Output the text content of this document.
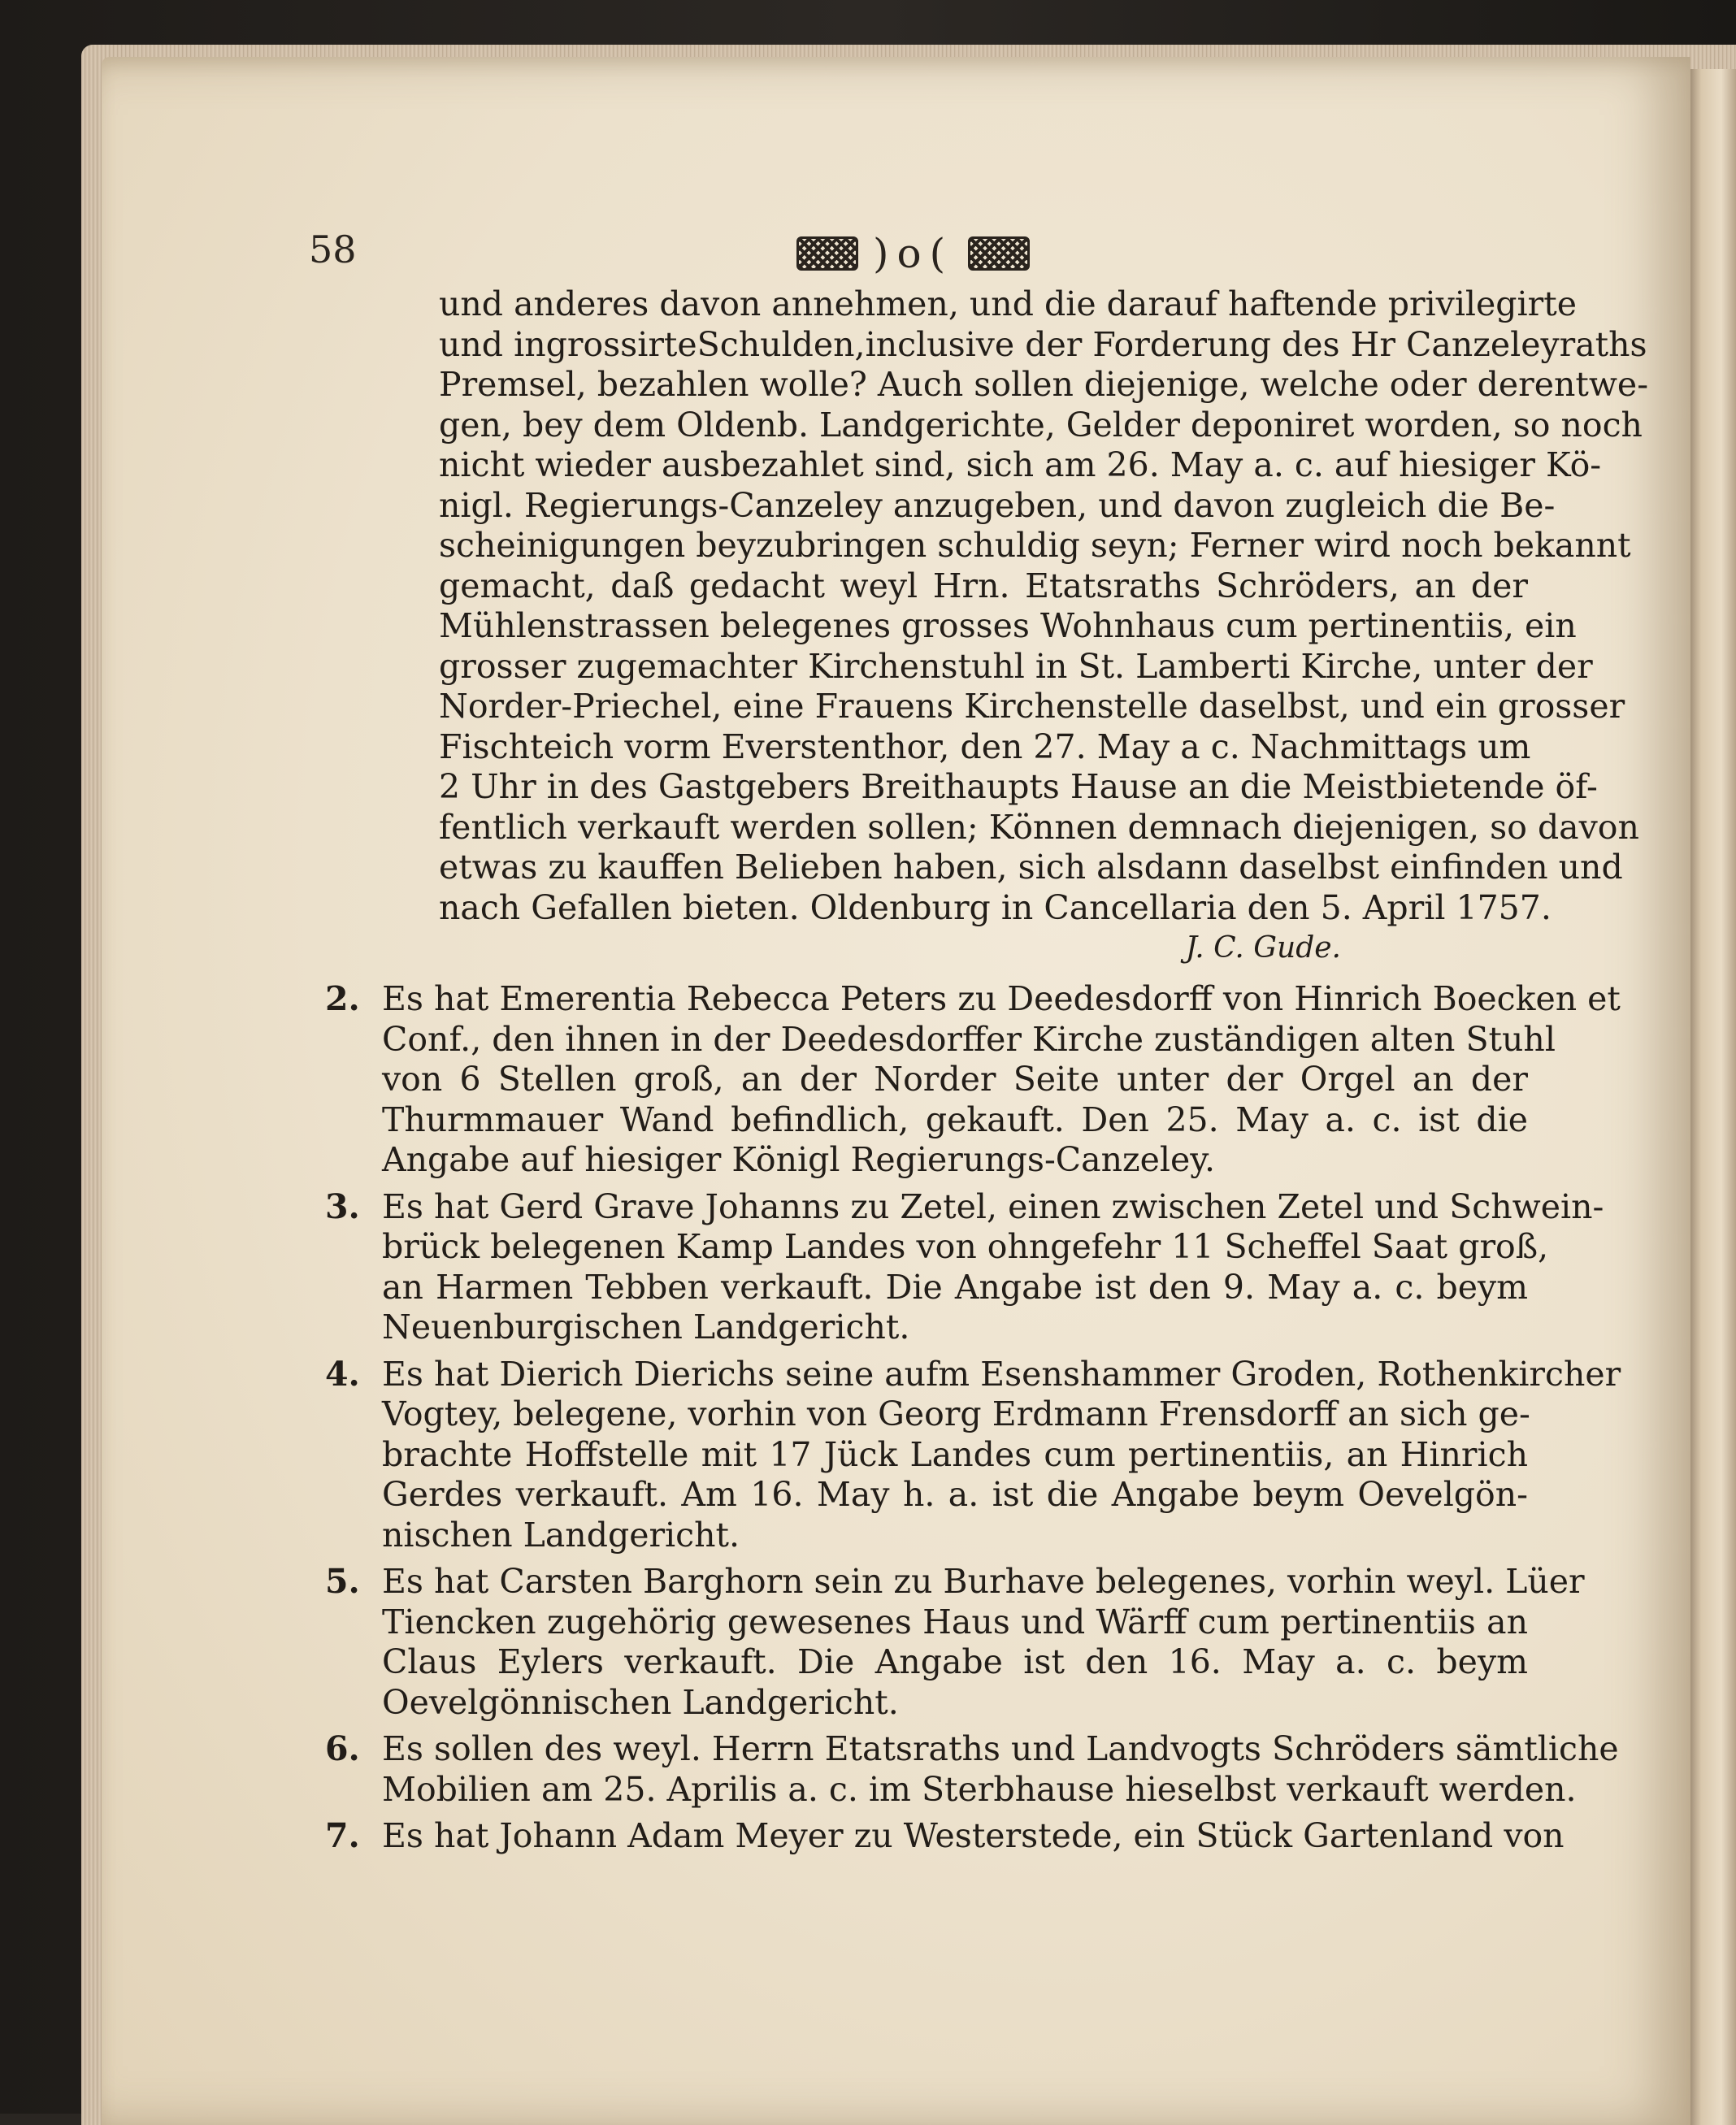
58	)o(
und anderes davon annehmen, und die darauf haftende privilegirte
und ingrossirteSchulden,inclusive der Forderung des Hr Canzeleyraths
Premsel, bezahlen wolle? Auch sollen diejenige, welche oder derentwe-
gen, bey dem Oldenb. Landgerichte, Gelder deponiret worden, so noch
nicht wieder ausbezahlet sind, sich am 26. May a. c. auf hiesiger Kö-
nigl. Regierungs-Canzeley anzugeben, und davon zugleich die Be-
scheinigungen beyzubringen schuldig seyn; Ferner wird noch bekannt
gemacht, daß gedacht weyl Hrn. Etatsraths Schröders, an der
Mühlenstrassen belegenes grosses Wohnhaus cum pertinentiis, ein
grosser zugemachter Kirchenstuhl in St. Lamberti Kirche, unter der
Norder-Priechel, eine Frauens Kirchenstelle daselbst, und ein grosser
Fischteich vorm Everstenthor, den 27. May a c. Nachmittags um
2 Uhr in des Gastgebers Breithaupts Hause an die Meistbietende öf-
fentlich verkauft werden sollen; Können demnach diejenigen, so davon
etwas zu kauffen Belieben haben, sich alsdann daselbst einfinden und
nach Gefallen bieten. Oldenburg in Cancellaria den 5. April 1757.
J. C. Gude.
2. Es hat Emerentia Rebecca Peters zu Deedesdorff von Hinrich Boecken et
Conf., den ihnen in der Deedesdorffer Kirche zuständigen alten Stuhl
von 6 Stellen groß, an der Norder Seite unter der Orgel an der
Thurmmauer Wand befindlich, gekauft. Den 25. May a. c. ist die
Angabe auf hiesiger Königl Regierungs-Canzeley.
3. Es hat Gerd Grave Johanns zu Zetel, einen zwischen Zetel und Schwein-
brück belegenen Kamp Landes von ohngefehr 11 Scheffel Saat groß,
an Harmen Tebben verkauft. Die Angabe ist den 9. May a. c. beym
Neuenburgischen Landgericht.
4. Es hat Dierich Dierichs seine aufm Esenshammer Groden, Rothenkircher
Vogtey, belegene, vorhin von Georg Erdmann Frensdorff an sich ge-
brachte Hoffstelle mit 17 Jück Landes cum pertinentiis, an Hinrich
Gerdes verkauft. Am 16. May h. a. ist die Angabe beym Oevelgön-
nischen Landgericht.
5. Es hat Carsten Barghorn sein zu Burhave belegenes, vorhin weyl. Lüer
Tiencken zugehörig gewesenes Haus und Wärff cum pertinentiis an
Claus Eylers verkauft. Die Angabe ist den 16. May a. c. beym
Oevelgönnischen Landgericht.
6. Es sollen des weyl. Herrn Etatsraths und Landvogts Schröders sämtliche
Mobilien am 25. Aprilis a. c. im Sterbhause hieselbst verkauft werden.
7. Es hat Johann Adam Meyer zu Westerstede, ein Stück Gartenland von
